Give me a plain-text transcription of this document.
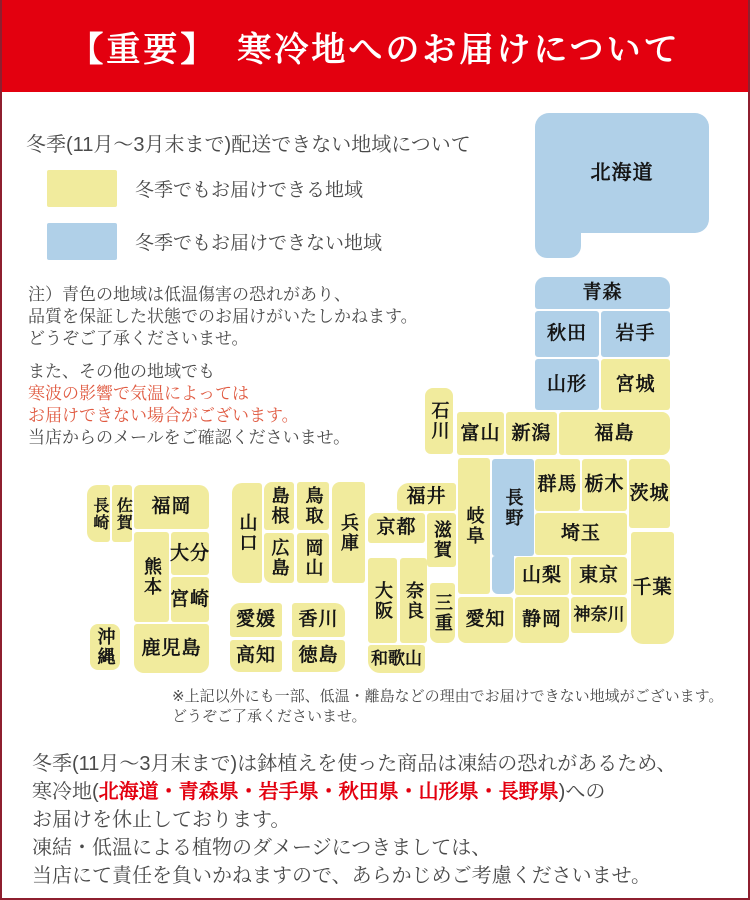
【重要】　寒冷地へのお届けについて
冬季(11月～3月末まで)配送できない地域について
冬季でもお届けできる地域
冬季でもお届けできない地域
注）青色の地域は低温傷害の恐れがあり、
品質を保証した状態でのお届けがいたしかねます。
どうぞご了承くださいませ。
また、その他の地域でも
寒波の影響で気温によっては
お届けできない場合がございます。
当店からのメールをご確認くださいませ。
北海道
青森
秋田 岩手
山形 宮城
石川 富山 新潟 福島
群馬 栃木 茨城
埼玉
千葉
山梨 東京
神奈川
長野
岐阜
福井
京都 滋賀
兵庫
鳥取
島根
岡山
広島
山口
大阪 奈良 三重
和歌山
愛知 静岡
愛媛 香川
高知 徳島
福岡
佐賀
長崎
熊本
大分
宮崎
鹿児島
沖縄
※上記以外にも一部、低温・離島などの理由でお届けできない地域がございます。
どうぞご了承くださいませ。
冬季(11月～3月末まで)は鉢植えを使った商品は凍結の恐れがあるため、
寒冷地(北海道・青森県・岩手県・秋田県・山形県・長野県)への
お届けを休止しております。
凍結・低温による植物のダメージにつきましては、
当店にて責任を負いかねますので、あらかじめご考慮くださいませ。
